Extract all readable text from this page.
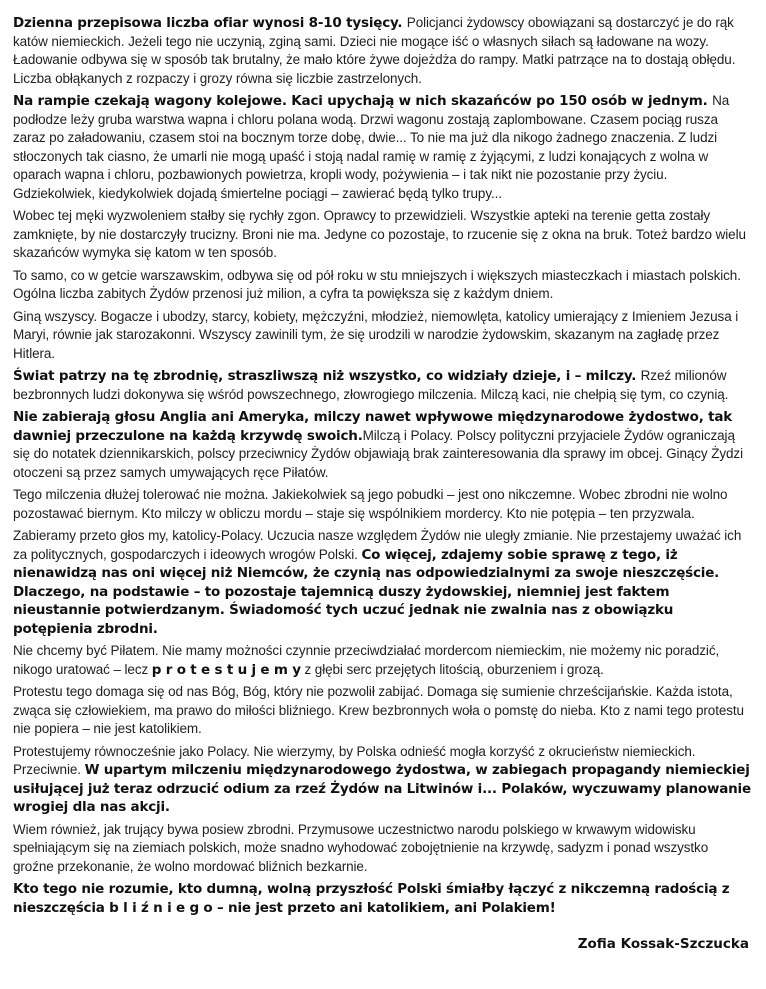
Dzienna przepisowa liczba ofiar wynosi 8-10 tysięcy. Policjanci żydowscy obowiązani są dostarczyć je do rąk katów niemieckich. Jeżeli tego nie uczynią, zginą sami. Dzieci nie mogące iść o własnych siłach są ładowane na wozy. Ładowanie odbywa się w sposób tak brutalny, że mało które żywe dojeżdża do rampy. Matki patrzące na to dostają obłędu. Liczba obłąkanych z rozpaczy i grozy równa się liczbie zastrzelonych.

Na rampie czekają wagony kolejowe. Kaci upychają w nich skazańców po 150 osób w jednym. Na podłodze leży gruba warstwa wapna i chloru polana wodą. Drzwi wagonu zostają zaplombowane. Czasem pociąg rusza zaraz po załadowaniu, czasem stoi na bocznym torze dobę, dwie... To nie ma już dla nikogo żadnego znaczenia. Z ludzi stłoczonych tak ciasno, że umarli nie mogą upaść i stoją nadal ramię w ramię z żyjącymi, z ludzi konających z wolna w oparach wapna i chloru, pozbawionych powietrza, kropli wody, pożywienia – i tak nikt nie pozostanie przy życiu. Gdziekolwiek, kiedykolwiek dojadą śmiertelne pociągi – zawierać będą tylko trupy...

Wobec tej męki wyzwoleniem stałby się rychły zgon. Oprawcy to przewidzieli. Wszystkie apteki na terenie getta zostały zamknięte, by nie dostarczyły trucizny. Broni nie ma. Jedyne co pozostaje, to rzucenie się z okna na bruk. Toteż bardzo wielu skazańców wymyka się katom w ten sposób.

To samo, co w getcie warszawskim, odbywa się od pół roku w stu mniejszych i większych miasteczkach i miastach polskich. Ogólna liczba zabitych Żydów przenosi już milion, a cyfra ta powiększa się z każdym dniem.

Giną wszyscy. Bogacze i ubodzy, starcy, kobiety, mężczyźni, młodzież, niemowlęta, katolicy umierający z Imieniem Jezusa i Maryi, równie jak starozakonni. Wszyscy zawinili tym, że się urodzili w narodzie żydowskim, skazanym na zagładę przez Hitlera.

Świat patrzy na tę zbrodnię, straszliwszą niż wszystko, co widziały dzieje, i – milczy. Rzeź milionów bezbronnych ludzi dokonywa się wśród powszechnego, złowrogiego milczenia. Milczą kaci, nie chełpią się tym, co czynią.

Nie zabierają głosu Anglia ani Ameryka, milczy nawet wpływowe międzynarodowe żydostwo, tak dawniej przeczulone na każdą krzywdę swoich.Milczą i Polacy. Polscy polityczni przyjaciele Żydów ograniczają się do notatek dziennikarskich, polscy przeciwnicy Żydów objawiają brak zainteresowania dla sprawy im obcej. Ginący Żydzi otoczeni są przez samych umywających ręce Piłatów.

Tego milczenia dłużej tolerować nie można. Jakiekolwiek są jego pobudki – jest ono nikczemne. Wobec zbrodni nie wolno pozostawać biernym. Kto milczy w obliczu mordu – staje się wspólnikiem mordercy. Kto nie potępia – ten przyzwala.

Zabieramy przeto głos my, katolicy-Polacy. Uczucia nasze względem Żydów nie uległy zmianie. Nie przestajemy uważać ich za politycznych, gospodarczych i ideowych wrogów Polski. Co więcej, zdajemy sobie sprawę z tego, iż nienawidzą nas oni więcej niż Niemców, że czynią nas odpowiedzialnymi za swoje nieszczęście. Dlaczego, na podstawie – to pozostaje tajemnicą duszy żydowskiej, niemniej jest faktem nieustannie potwierdzanym. Świadomość tych uczuć jednak nie zwalnia nas z obowiązku potępienia zbrodni.

Nie chcemy być Piłatem. Nie mamy możności czynnie przeciwdziałać mordercom niemieckim, nie możemy nic poradzić, nikogo uratować – lecz p r o t e s t u j e m y z głębi serc przejętych litością, oburzeniem i grozą.

Protestu tego domaga się od nas Bóg, Bóg, który nie pozwolił zabijać. Domaga się sumienie chrześcijańskie. Każda istota, zwąca się człowiekiem, ma prawo do miłości bliźniego. Krew bezbronnych woła o pomstę do nieba. Kto z nami tego protestu nie popiera – nie jest katolikiem.

Protestujemy równocześnie jako Polacy. Nie wierzymy, by Polska odnieść mogła korzyść z okrucieństw niemieckich. Przeciwnie. W upartym milczeniu międzynarodowego żydostwa, w zabiegach propagandy niemieckiej usiłującej już teraz odrzucić odium za rzeź Żydów na Litwinów i... Polaków, wyczuwamy planowanie wrogiej dla nas akcji.

Wiem również, jak trujący bywa posiew zbrodni. Przymusowe uczestnictwo narodu polskiego w krwawym widowisku spełniającym się na ziemiach polskich, może snadno wyhodować zobojętnienie na krzywdę, sadyzm i ponad wszystko groźne przekonanie, że wolno mordować bliźnich bezkarnie.

Kto tego nie rozumie, kto dumną, wolną przyszłość Polski śmiałby łączyć z nikczemną radością z nieszczęścia b l i ź n i e g o – nie jest przeto ani katolikiem, ani Polakiem!

Zofia Kossak-Szczucka
